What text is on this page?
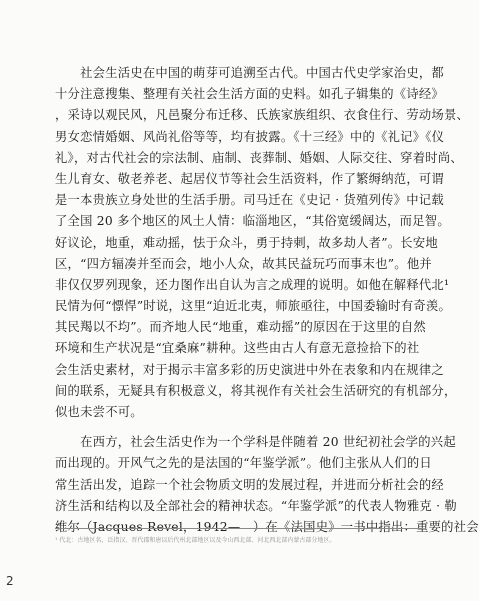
　　社会生活史在中国的萌芽可追溯至古代。中国古代史学家治史，都
十分注意搜集、整理有关社会生活方面的史料。如孔子辑集的《诗经》
，采诗以观民风，凡邑聚分布迁移、氏族家族组织、衣食住行、劳动场景、
男女恋情婚姻、风尚礼俗等等，均有披露。《十三经》中的《礼记》《仪
礼》，对古代社会的宗法制、庙制、丧葬制、婚姻、人际交往、穿着时尚、
生儿育女、敬老养老、起居仪节等社会生活资料，作了繁缛纳范，可谓
是一本贵族立身处世的生活手册。司马迁在《史记 · 货殖列传》中记载
了全国 20 多个地区的风土人情：临淄地区，“其俗宽缓阔达，而足智。
好议论，地重，难动摇，怯于众斗，勇于持刺，故多劫人者”。长安地
区，“四方辐凑并至而会，地小人众，故其民益玩巧而事末也”。他并
非仅仅罗列现象，还力图作出自认为言之成理的说明。如他在解释代北¹
民情为何“慓悍”时说，这里“迫近北夷，师旅亟往，中国委输时有奇羡。
其民羯以不均”。而齐地人民“地重，难动摇”的原因在于这里的自然
环境和生产状况是“宜桑麻”耕种。这些由古人有意无意捡拾下的社
会生活史素材，对于揭示丰富多彩的历史演进中外在表象和内在规律之
间的联系，无疑具有积极意义，将其视作有关社会生活研究的有机部分，
似也未尝不可。
　　在西方，社会生活史作为一个学科是伴随着 20 世纪初社会学的兴起
而出现的。开风气之先的是法国的“年鉴学派”。他们主张从人们的日
常生活出发，追踪一个社会物质文明的发展过程，并进而分析社会的经
济生活和结构以及全部社会的精神状态。“年鉴学派”的代表人物雅克 · 勒
维尔（Jacques Revel，1942—　）在《法国史》一书中指出：重要的社会
¹ 代北：古地区名，泛指汉、晋代郡和唐以后代州北部地区以及今山西北部、河北西北部内蒙古部分地区。
2
